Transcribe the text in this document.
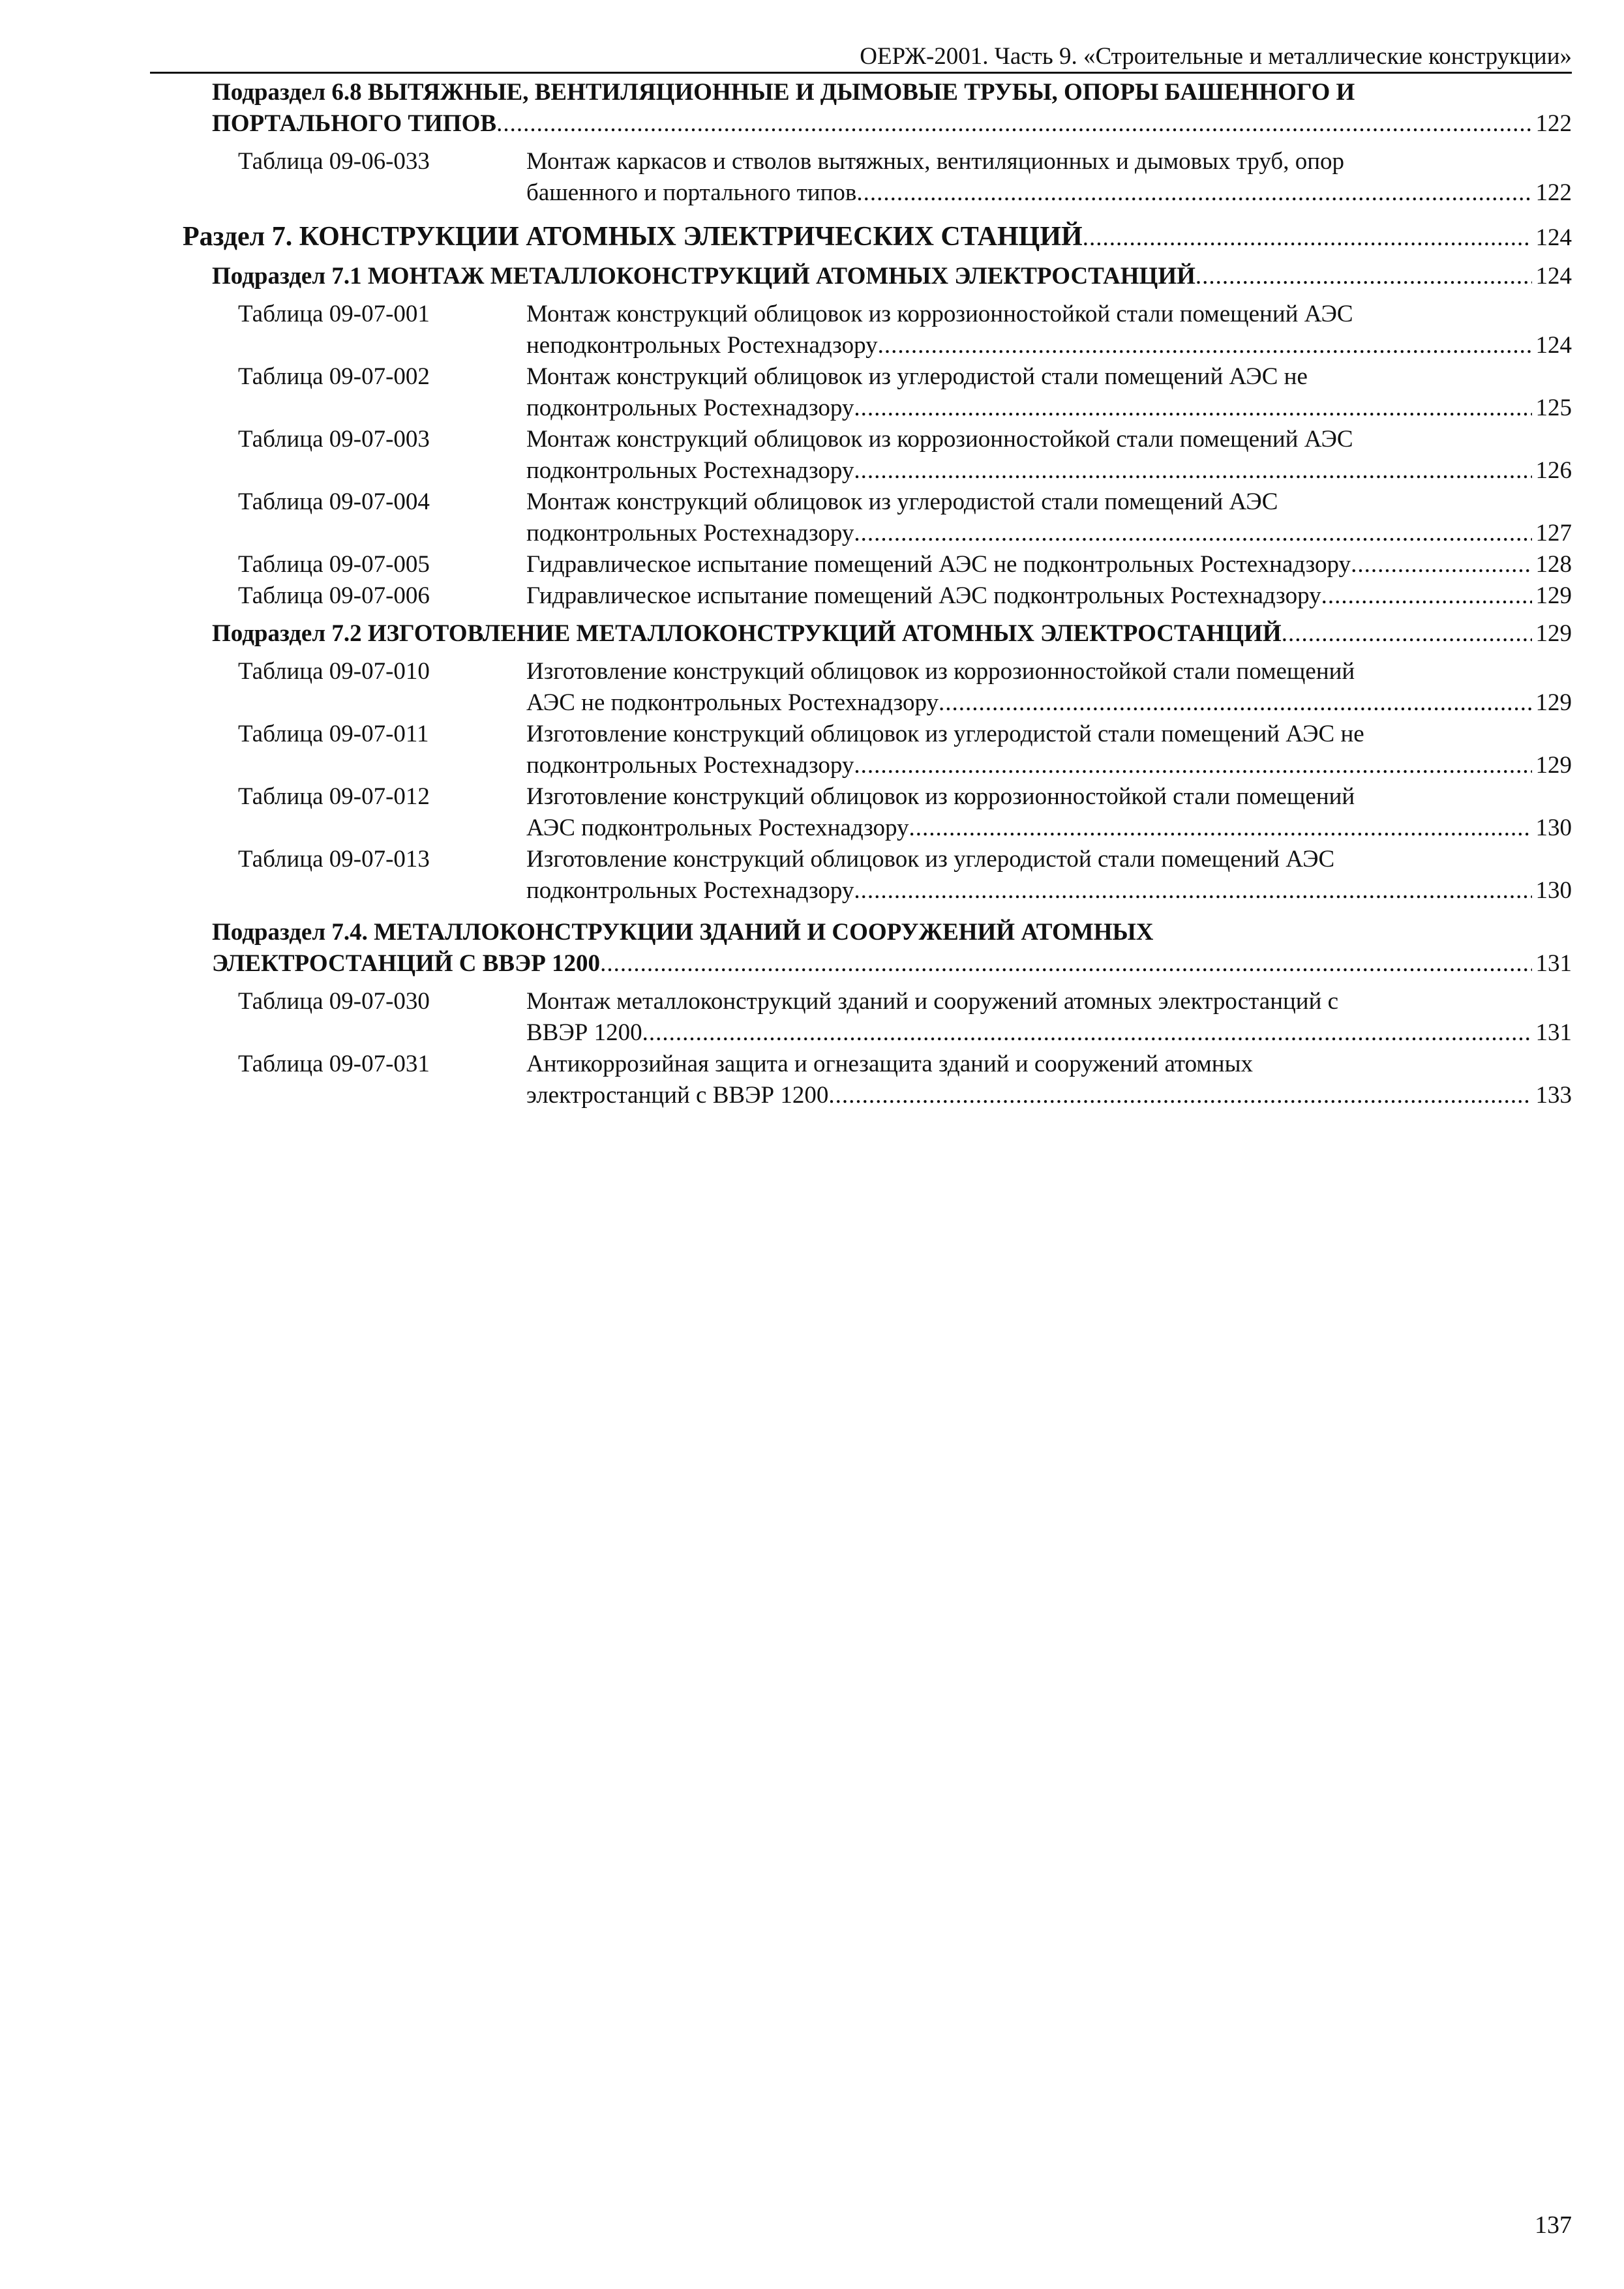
ОЕРЖ-2001. Часть 9. «Строительные и металлические конструкции»
Подраздел 6.8 ВЫТЯЖНЫЕ, ВЕНТИЛЯЦИОННЫЕ И ДЫМОВЫЕ ТРУБЫ, ОПОРЫ БАШЕННОГО И
ПОРТАЛЬНОГО ТИПОВ .....	122
Таблица 09-06-033	Монтаж каркасов и стволов вытяжных, вентиляционных и дымовых труб, опор
башенного и портального типов .....	122
Раздел 7. КОНСТРУКЦИИ АТОМНЫХ ЭЛЕКТРИЧЕСКИХ СТАНЦИЙ .....	124
Подраздел 7.1 МОНТАЖ МЕТАЛЛОКОНСТРУКЦИЙ АТОМНЫХ ЭЛЕКТРОСТАНЦИЙ .....	124
Таблица 09-07-001	Монтаж конструкций облицовок из коррозионностойкой стали помещений АЭС
неподконтрольных Ростехнадзору .....	124
Таблица 09-07-002	Монтаж конструкций облицовок из углеродистой стали помещений АЭС не
подконтрольных Ростехнадзору .....	125
Таблица 09-07-003	Монтаж конструкций облицовок из коррозионностойкой стали помещений АЭС
подконтрольных Ростехнадзору .....	126
Таблица 09-07-004	Монтаж конструкций облицовок из углеродистой стали помещений АЭС
подконтрольных Ростехнадзору .....	127
Таблица 09-07-005	Гидравлическое испытание помещений АЭС не подконтрольных Ростехнадзору .....	128
Таблица 09-07-006	Гидравлическое испытание помещений АЭС подконтрольных Ростехнадзору .....	129
Подраздел 7.2 ИЗГОТОВЛЕНИЕ МЕТАЛЛОКОНСТРУКЦИЙ АТОМНЫХ ЭЛЕКТРОСТАНЦИЙ .....	129
Таблица 09-07-010	Изготовление конструкций облицовок из коррозионностойкой стали помещений
АЭС не подконтрольных Ростехнадзору .....	129
Таблица 09-07-011	Изготовление конструкций облицовок из углеродистой стали помещений АЭС не
подконтрольных Ростехнадзору .....	129
Таблица 09-07-012	Изготовление конструкций облицовок из коррозионностойкой стали помещений
АЭС подконтрольных Ростехнадзору .....	130
Таблица 09-07-013	Изготовление конструкций облицовок из углеродистой стали помещений АЭС
подконтрольных Ростехнадзору .....	130
Подраздел 7.4. МЕТАЛЛОКОНСТРУКЦИИ ЗДАНИЙ И СООРУЖЕНИЙ АТОМНЫХ
ЭЛЕКТРОСТАНЦИЙ С ВВЭР 1200 .....	131
Таблица 09-07-030	Монтаж металлоконструкций зданий и сооружений атомных электростанций с
ВВЭР 1200 .....	131
Таблица 09-07-031	Антикоррозийная защита и огнезащита зданий и сооружений атомных
электростанций с ВВЭР 1200 .....	133
137
